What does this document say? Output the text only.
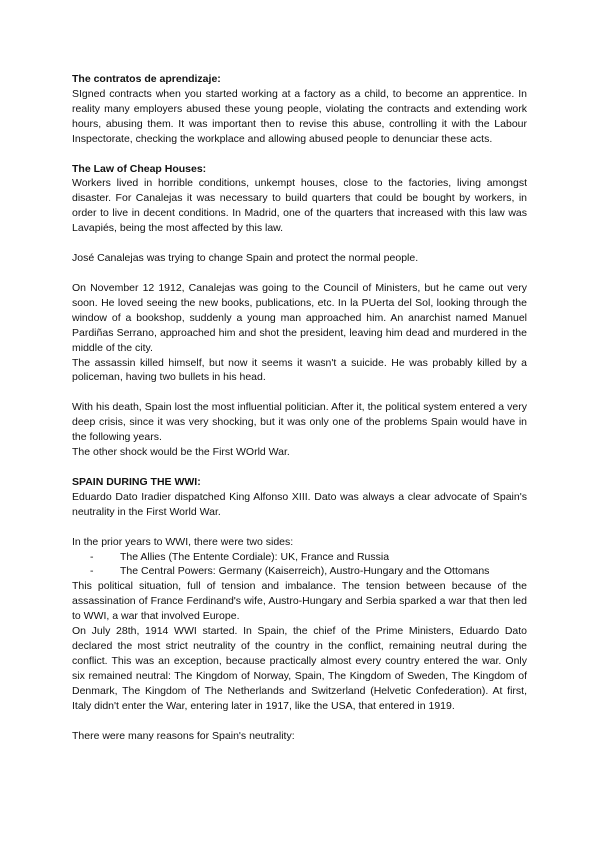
The contratos de aprendizaje:

SIgned contracts when you started working at a factory as a child, to become an apprentice. In reality many employers abused these young people, violating the contracts and extending work hours, abusing them. It was important then to revise this abuse, controlling it with the Labour Inspectorate, checking the workplace and allowing abused people to denunciar these acts.

The Law of Cheap Houses:

Workers lived in horrible conditions, unkempt houses, close to the factories, living amongst disaster. For Canalejas it was necessary to build quarters that could be bought by workers, in order to live in decent conditions. In Madrid, one of the quarters that increased with this law was Lavapiés, being the most affected by this law.

José Canalejas was trying to change Spain and protect the normal people.

On November 12 1912, Canalejas was going to the Council of Ministers, but he came out very soon. He loved seeing the new books, publications, etc. In la PUerta del Sol, looking through the window of a bookshop, suddenly a young man approached him. An anarchist named Manuel Pardiñas Serrano, approached him and shot the president, leaving him dead and murdered in the middle of the city.

The assassin killed himself, but now it seems it wasn't a suicide. He was probably killed by a policeman, having two bullets in his head.

With his death, Spain lost the most influential politician. After it, the political system entered a very deep crisis, since it was very shocking, but it was only one of the problems Spain would have in the following years.

The other shock would be the First WOrld War.

SPAIN DURING THE WWI:

Eduardo Dato Iradier dispatched King Alfonso XIII. Dato was always a clear advocate of Spain's neutrality in the First World War.

In the prior years to WWI, there were two sides:

-	The Allies (The Entente Cordiale): UK, France and Russia
-	The Central Powers: Germany (Kaiserreich), Austro-Hungary and the Ottomans

This political situation, full of tension and imbalance. The tension between because of the assassination of France Ferdinand's wife, Austro-Hungary and Serbia sparked a war that then led to WWI, a war that involved Europe.

On July 28th, 1914 WWI started. In Spain, the chief of the Prime Ministers, Eduardo Dato declared the most strict neutrality of the country in the conflict, remaining neutral during the conflict. This was an exception, because practically almost every country entered the war. Only six remained neutral: The Kingdom of Norway, Spain, The Kingdom of Sweden, The Kingdom of Denmark, The Kingdom of The Netherlands and Switzerland (Helvetic Confederation). At first, Italy didn't enter the War, entering later in 1917, like the USA, that entered in 1919.

There were many reasons for Spain's neutrality:
